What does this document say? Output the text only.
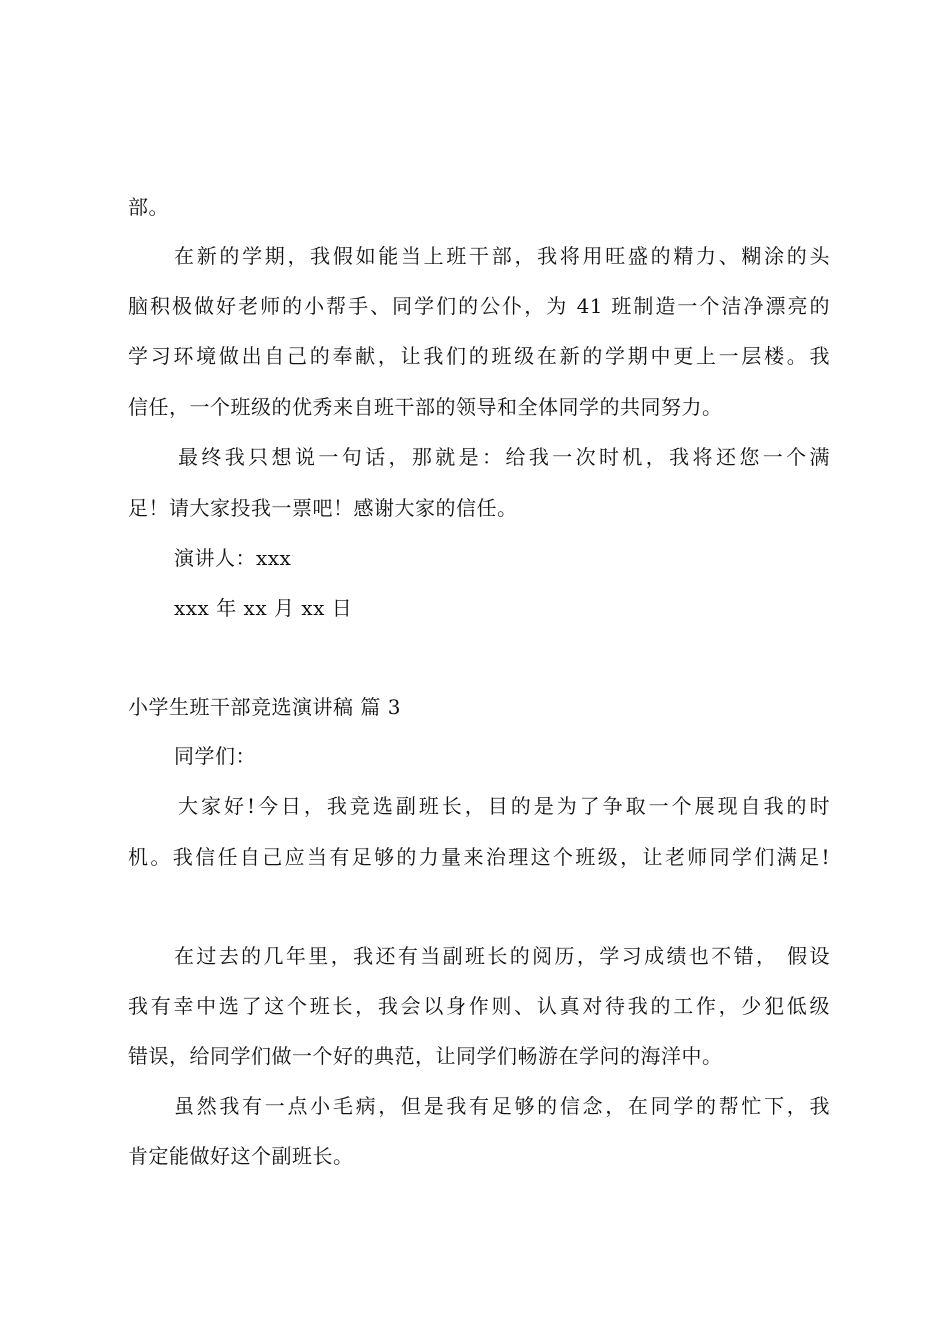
部。
在新的学期，我假如能当上班干部，我将用旺盛的精力、糊涂的头
脑积极做好老师的小帮手、同学们的公仆，为 41 班制造一个洁净漂亮的
学习环境做出自己的奉献，让我们的班级在新的学期中更上一层楼。我
信任，一个班级的优秀来自班干部的领导和全体同学的共同努力。
最终我只想说一句话，那就是：给我一次时机，我将还您一个满
足！请大家投我一票吧！感谢大家的信任。
演讲人：xxx
xxx 年 xx 月 xx 日
小学生班干部竞选演讲稿 篇 3
同学们：
大家好!今日，我竞选副班长，目的是为了争取一个展现自我的时
机。我信任自己应当有足够的力量来治理这个班级，让老师同学们满足!
在过去的几年里，我还有当副班长的阅历，学习成绩也不错， 假设
我有幸中选了这个班长，我会以身作则、认真对待我的工作，少犯低级
错误，给同学们做一个好的典范，让同学们畅游在学问的海洋中。
虽然我有一点小毛病，但是我有足够的信念，在同学的帮忙下，我
肯定能做好这个副班长。
